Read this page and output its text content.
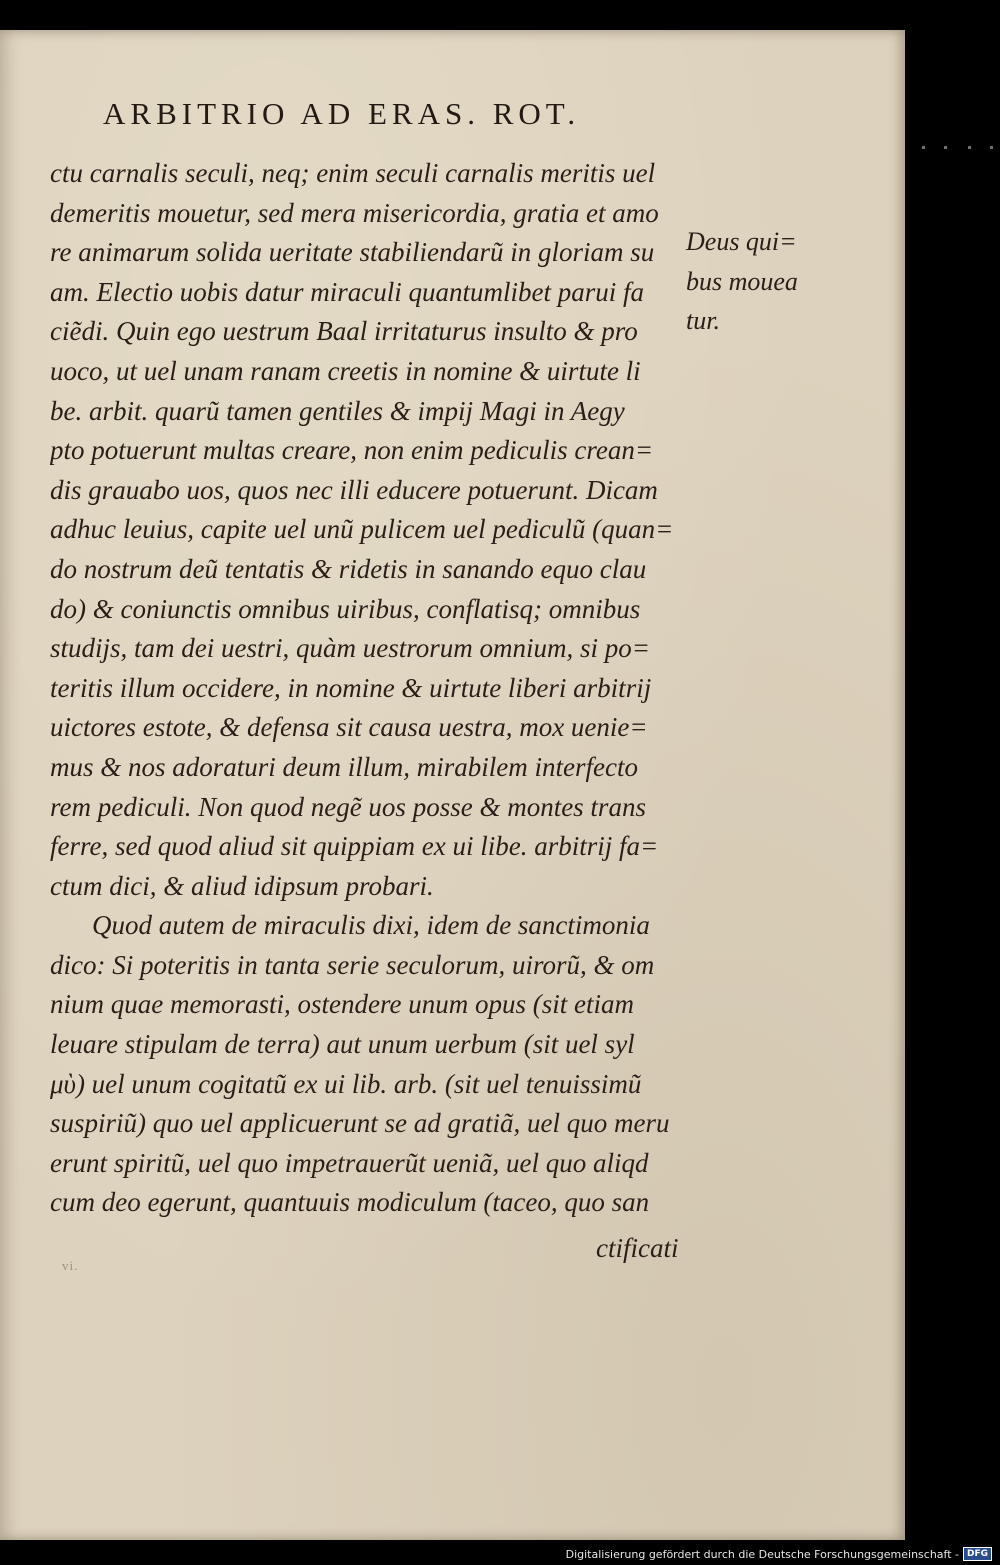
ARBITRIO AD ERAS. ROT.
ctu carnalis seculi, neq; enim seculi carnalis meritis uel
demeritis mouetur, sed mera misericordia, gratia et amo
re animarum solida ueritate stabiliendarũ in gloriam su
am. Electio uobis datur miraculi quantumlibet parui fa
ciẽdi. Quin ego uestrum Baal irritaturus insulto & pro
uoco, ut uel unam ranam creetis in nomine & uirtute li
be. arbit. quarũ tamen gentiles & impij Magi in Aegy
pto potuerunt multas creare, non enim pediculis crean=
dis grauabo uos, quos nec illi educere potuerunt. Dicam
adhuc leuius, capite uel unũ pulicem uel pediculũ (quan=
do nostrum deũ tentatis & ridetis in sanando equo clau
do) & coniunctis omnibus uiribus, conflatisq; omnibus
studijs, tam dei uestri, quàm uestrorum omnium, si po=
teritis illum occidere, in nomine & uirtute liberi arbitrij
uictores estote, & defensa sit causa uestra, mox ueniе=
mus & nos adoraturi deum illum, mirabilem interfecto
rem pediculi. Non quod negẽ uos posse & montes trans
ferre, sed quod aliud sit quippiam ex ui libe. arbitrij fa=
ctum dici, & aliud idipsum probari.
Quod autem de miraculis dixi, idem de sanctimonia
dico: Si poteritis in tanta serie seculorum, uirorũ, & om
nium quae memorasti, ostendere unum opus (sit etiam
leuare stipulam de terra) aut unum uerbum (sit uel syl
μὺ) uel unum cogitatũ ex ui lib. arb. (sit uel tenuissimũ
suspiriũ) quo uel applicuerunt se ad gratiã, uel quo meru
erunt spiritũ, uel quo impetrauerũt ueniã, uel quo aliqd
cum deo egerunt, quantuuis modiculum (taceo, quo san
ctificati
Deus qui=
bus mouea
tur.
vi.
Digitalisierung gefördert durch die Deutsche Forschungsgemeinschaft - DFG
